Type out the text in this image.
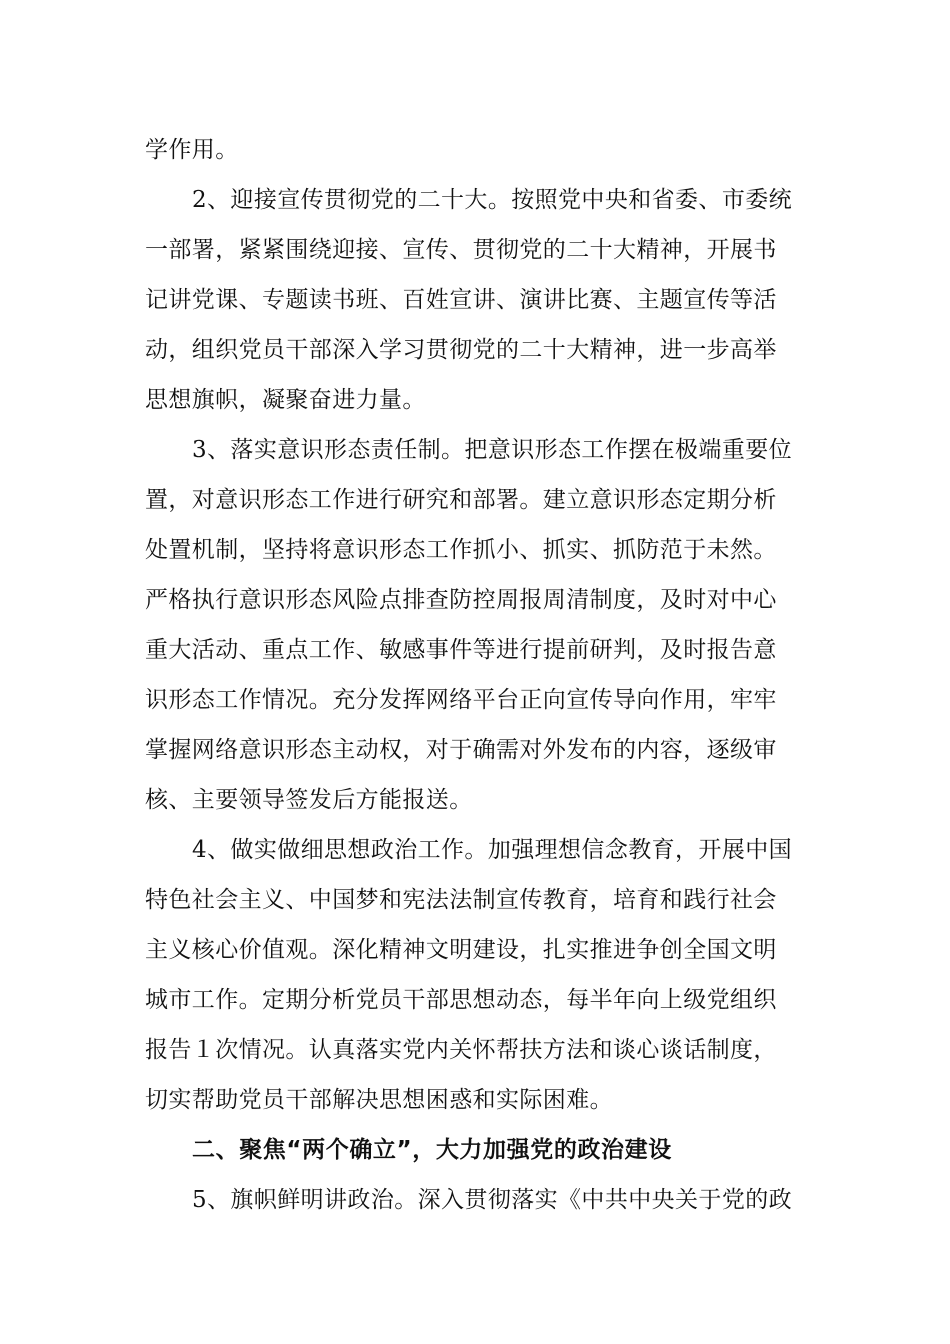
学作用。
2、迎接宣传贯彻党的二十大。按照党中央和省委、市委统
一部署，紧紧围绕迎接、宣传、贯彻党的二十大精神，开展书
记讲党课、专题读书班、百姓宣讲、演讲比赛、主题宣传等活
动，组织党员干部深入学习贯彻党的二十大精神，进一步高举
思想旗帜，凝聚奋进力量。
3、落实意识形态责任制。把意识形态工作摆在极端重要位
置，对意识形态工作进行研究和部署。建立意识形态定期分析
处置机制，坚持将意识形态工作抓小、抓实、抓防范于未然。
严格执行意识形态风险点排查防控周报周清制度，及时对中心
重大活动、重点工作、敏感事件等进行提前研判，及时报告意
识形态工作情况。充分发挥网络平台正向宣传导向作用，牢牢
掌握网络意识形态主动权，对于确需对外发布的内容，逐级审
核、主要领导签发后方能报送。
4、做实做细思想政治工作。加强理想信念教育，开展中国
特色社会主义、中国梦和宪法法制宣传教育，培育和践行社会
主义核心价值观。深化精神文明建设，扎实推进争创全国文明
城市工作。定期分析党员干部思想动态，每半年向上级党组织
报告１次情况。认真落实党内关怀帮扶方法和谈心谈话制度，
切实帮助党员干部解决思想困惑和实际困难。
二、聚焦“两个确立”，大力加强党的政治建设
5、旗帜鲜明讲政治。深入贯彻落实《中共中央关于党的政
